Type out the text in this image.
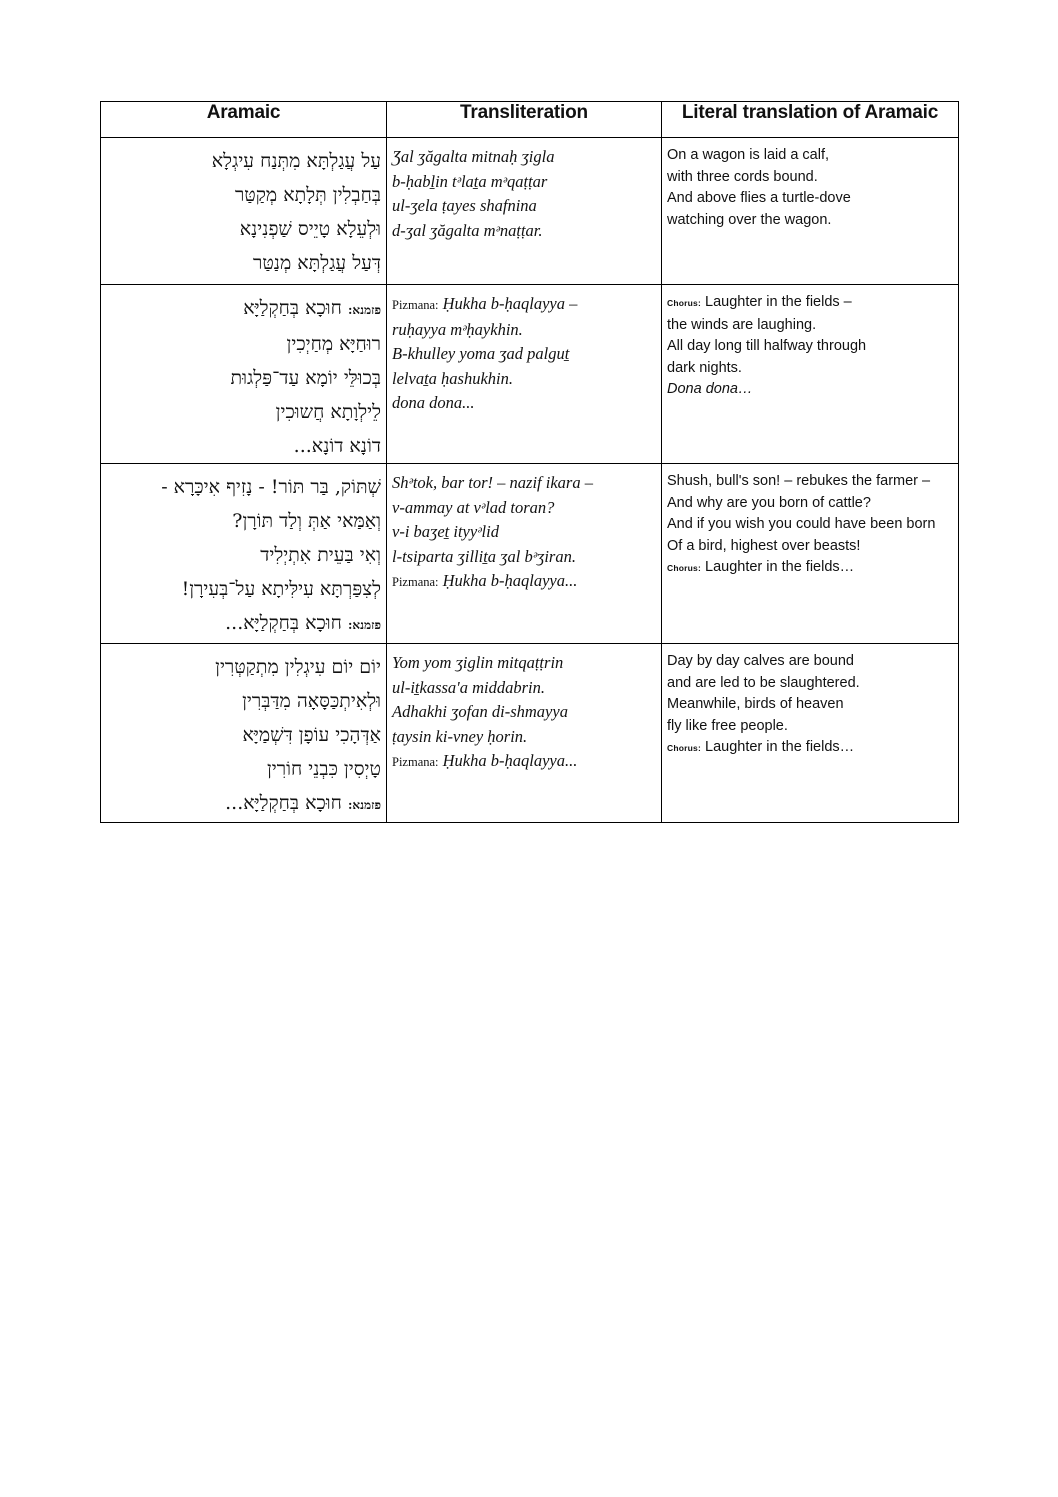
Aramaic	Transliteration	Literal translation of Aramaic

עַל עֲגַלְתָּא מִתְּנַח עִיגְלָא
בְּחַבְלִין תְּלָתָא מְקַטַּר
וּלְעֵלָא טָיֵיס שַׁפְנִינָא
דְּעַל עֲגַלְתָּא מְנַטַּר	Ʒal ʒăgalta mitnaḥ ʒigla
b-ḥabḻin tᵊlaṯa mᵊqaṭṭar
ul-ʒela ṭayes shafnina
d-ʒal ʒăgalta mᵊnaṭṭar.	On a wagon is laid a calf,
with three cords bound.
And above flies a turtle-dove
watching over the wagon.

פזמנא: חוּכָא בְּחַקְלַיָּא
רוּחַיָּא מְחַיְכִין
בְּכוּלֵּי יוֹמָא עַד־פַּלְגוּת
לֵילְוָתָא חֲשוּכִין
דוֹנָא דוֹנָא...	Pizmana: Ḥukha b-ḥaqlayya –
ruḥayya mᵊḥaykhin.
B-khulley yoma ʒad palguṯ
lelvaṯa ḥashukhin.
dona dona...	Chorus: Laughter in the fields –
the winds are laughing.
All day long till halfway through
dark nights.
Dona dona…

שְׁתּוֹק, בַּר תּוֹר! - נָזִיף אִיכָּרָא -
וְאַמַּאי אַתְּ וְלַד תּוֹרָן?
וְאִי בַּעֵית אִתְיְלִיד
לְצִפַּרְתָּא עִילִּיתָא עַל־בְּעִירָן!
פזמנא: חוּכָא בְּחַקְלַיָּא...	Shᵊtok, bar tor! – nazif ikara –
v-ammay at vᵊlad toran?
v-i baʒeṯ ityyᵊlid
l-tsiparta ʒilliṯa ʒal bᵊʒiran.
Pizmana: Ḥukha b-ḥaqlayya...	Shush, bull's son! – rebukes the farmer –
And why are you born of cattle?
And if you wish you could have been born
Of a bird, highest over beasts!
Chorus: Laughter in the fields…

יוֹם יוֹם עִיגְלִין מִתְקַטְּרִין
וּלְאִיתְכַּסָּאָה מִדַּבְּרִין
אַדְּהָכִי עוֹפָן דִּשְׁמַיָּא
טָיְסִין כִּבְנֵי חוֹרִין
פזמנא: חוּכָא בְּחַקְלַיָּא...	Yom yom ʒiglin mitqaṭṭrin
ul-iṯkassa'a middabrin.
Adhakhi ʒofan di-shmayya
ṭaysin ki-vney ḥorin.
Pizmana: Ḥukha b-ḥaqlayya...	Day by day calves are bound
and are led to be slaughtered.
Meanwhile, birds of heaven
fly like free people.
Chorus: Laughter in the fields…
